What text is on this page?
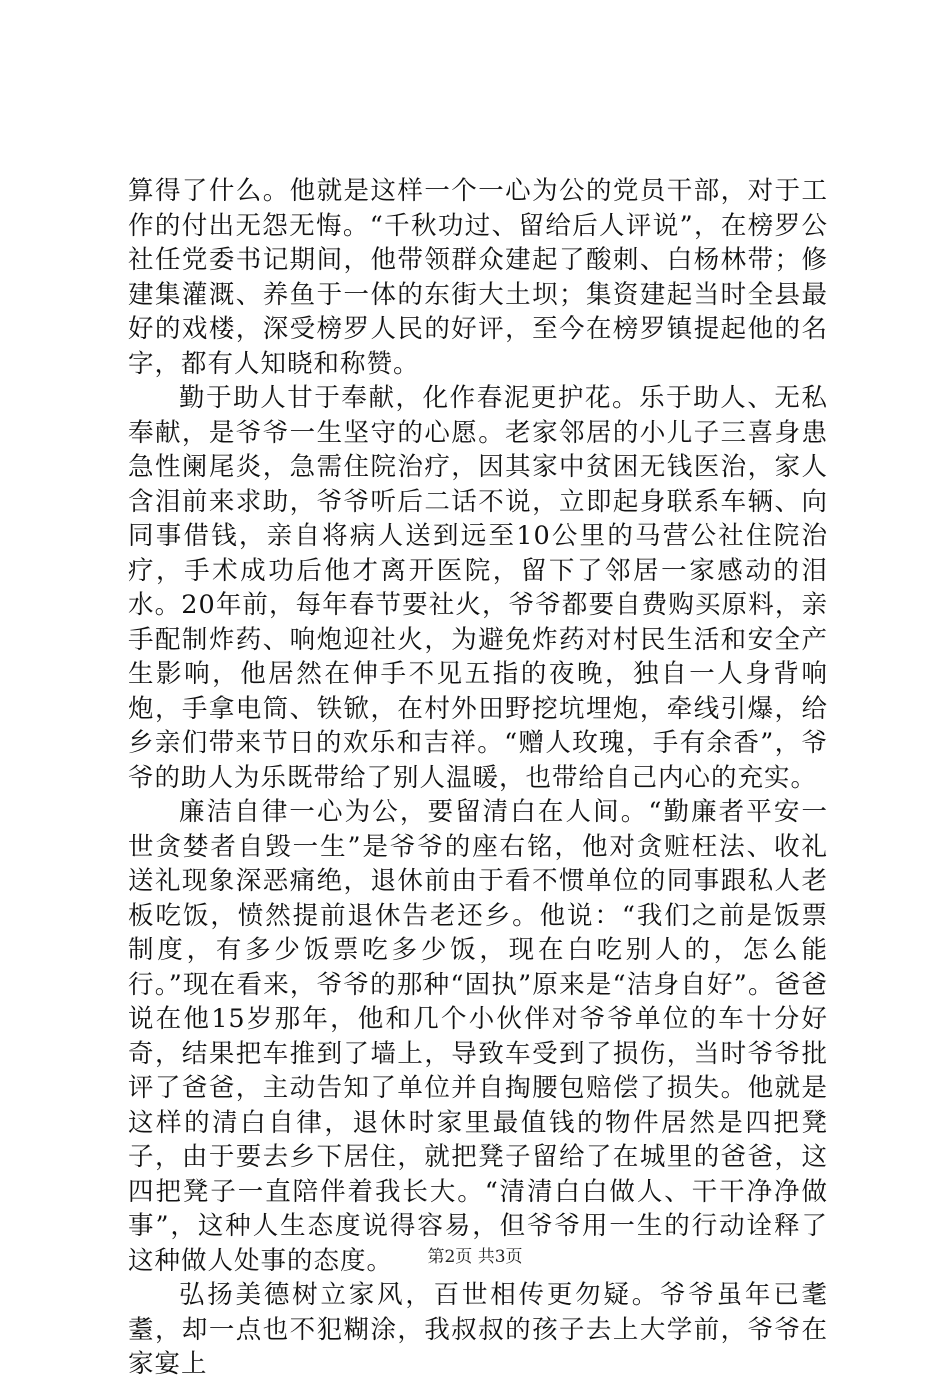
算得了什么。他就是这样一个一心为公的党员干部，对于工作的付出无怨无悔。“千秋功过、留给后人评说”，在榜罗公社任党委书记期间，他带领群众建起了酸刺、白杨林带；修建集灌溉、养鱼于一体的东街大土坝；集资建起当时全县最好的戏楼，深受榜罗人民的好评，至今在榜罗镇提起他的名字，都有人知晓和称赞。

勤于助人甘于奉献，化作春泥更护花。乐于助人、无私奉献，是爷爷一生坚守的心愿。老家邻居的小儿子三喜身患急性阑尾炎，急需住院治疗，因其家中贫困无钱医治，家人含泪前来求助，爷爷听后二话不说，立即起身联系车辆、向同事借钱，亲自将病人送到远至10公里的马营公社住院治疗，手术成功后他才离开医院，留下了邻居一家感动的泪水。20年前，每年春节要社火，爷爷都要自费购买原料，亲手配制炸药、响炮迎社火，为避免炸药对村民生活和安全产生影响，他居然在伸手不见五指的夜晚，独自一人身背响炮，手拿电筒、铁锨，在村外田野挖坑埋炮，牵线引爆，给乡亲们带来节日的欢乐和吉祥。“赠人玫瑰，手有余香”，爷爷的助人为乐既带给了别人温暖，也带给自己内心的充实。

廉洁自律一心为公，要留清白在人间。“勤廉者平安一世贪婪者自毁一生”是爷爷的座右铭，他对贪赃枉法、收礼送礼现象深恶痛绝，退休前由于看不惯单位的同事跟私人老板吃饭，愤然提前退休告老还乡。他说：“我们之前是饭票制度，有多少饭票吃多少饭，现在白吃别人的，怎么能行。”现在看来，爷爷的那种“固执”原来是“洁身自好”。爸爸说在他15岁那年，他和几个小伙伴对爷爷单位的车十分好奇，结果把车推到了墙上，导致车受到了损伤，当时爷爷批评了爸爸，主动告知了单位并自掏腰包赔偿了损失。他就是这样的清白自律，退休时家里最值钱的物件居然是四把凳子，由于要去乡下居住，就把凳子留给了在城里的爸爸，这四把凳子一直陪伴着我长大。“清清白白做人、干干净净做事”，这种人生态度说得容易，但爷爷用一生的行动诠释了这种做人处事的态度。

弘扬美德树立家风，百世相传更勿疑。爷爷虽年已耄耋，却一点也不犯糊涂，我叔叔的孩子去上大学前，爷爷在家宴上

第2页 共3页
